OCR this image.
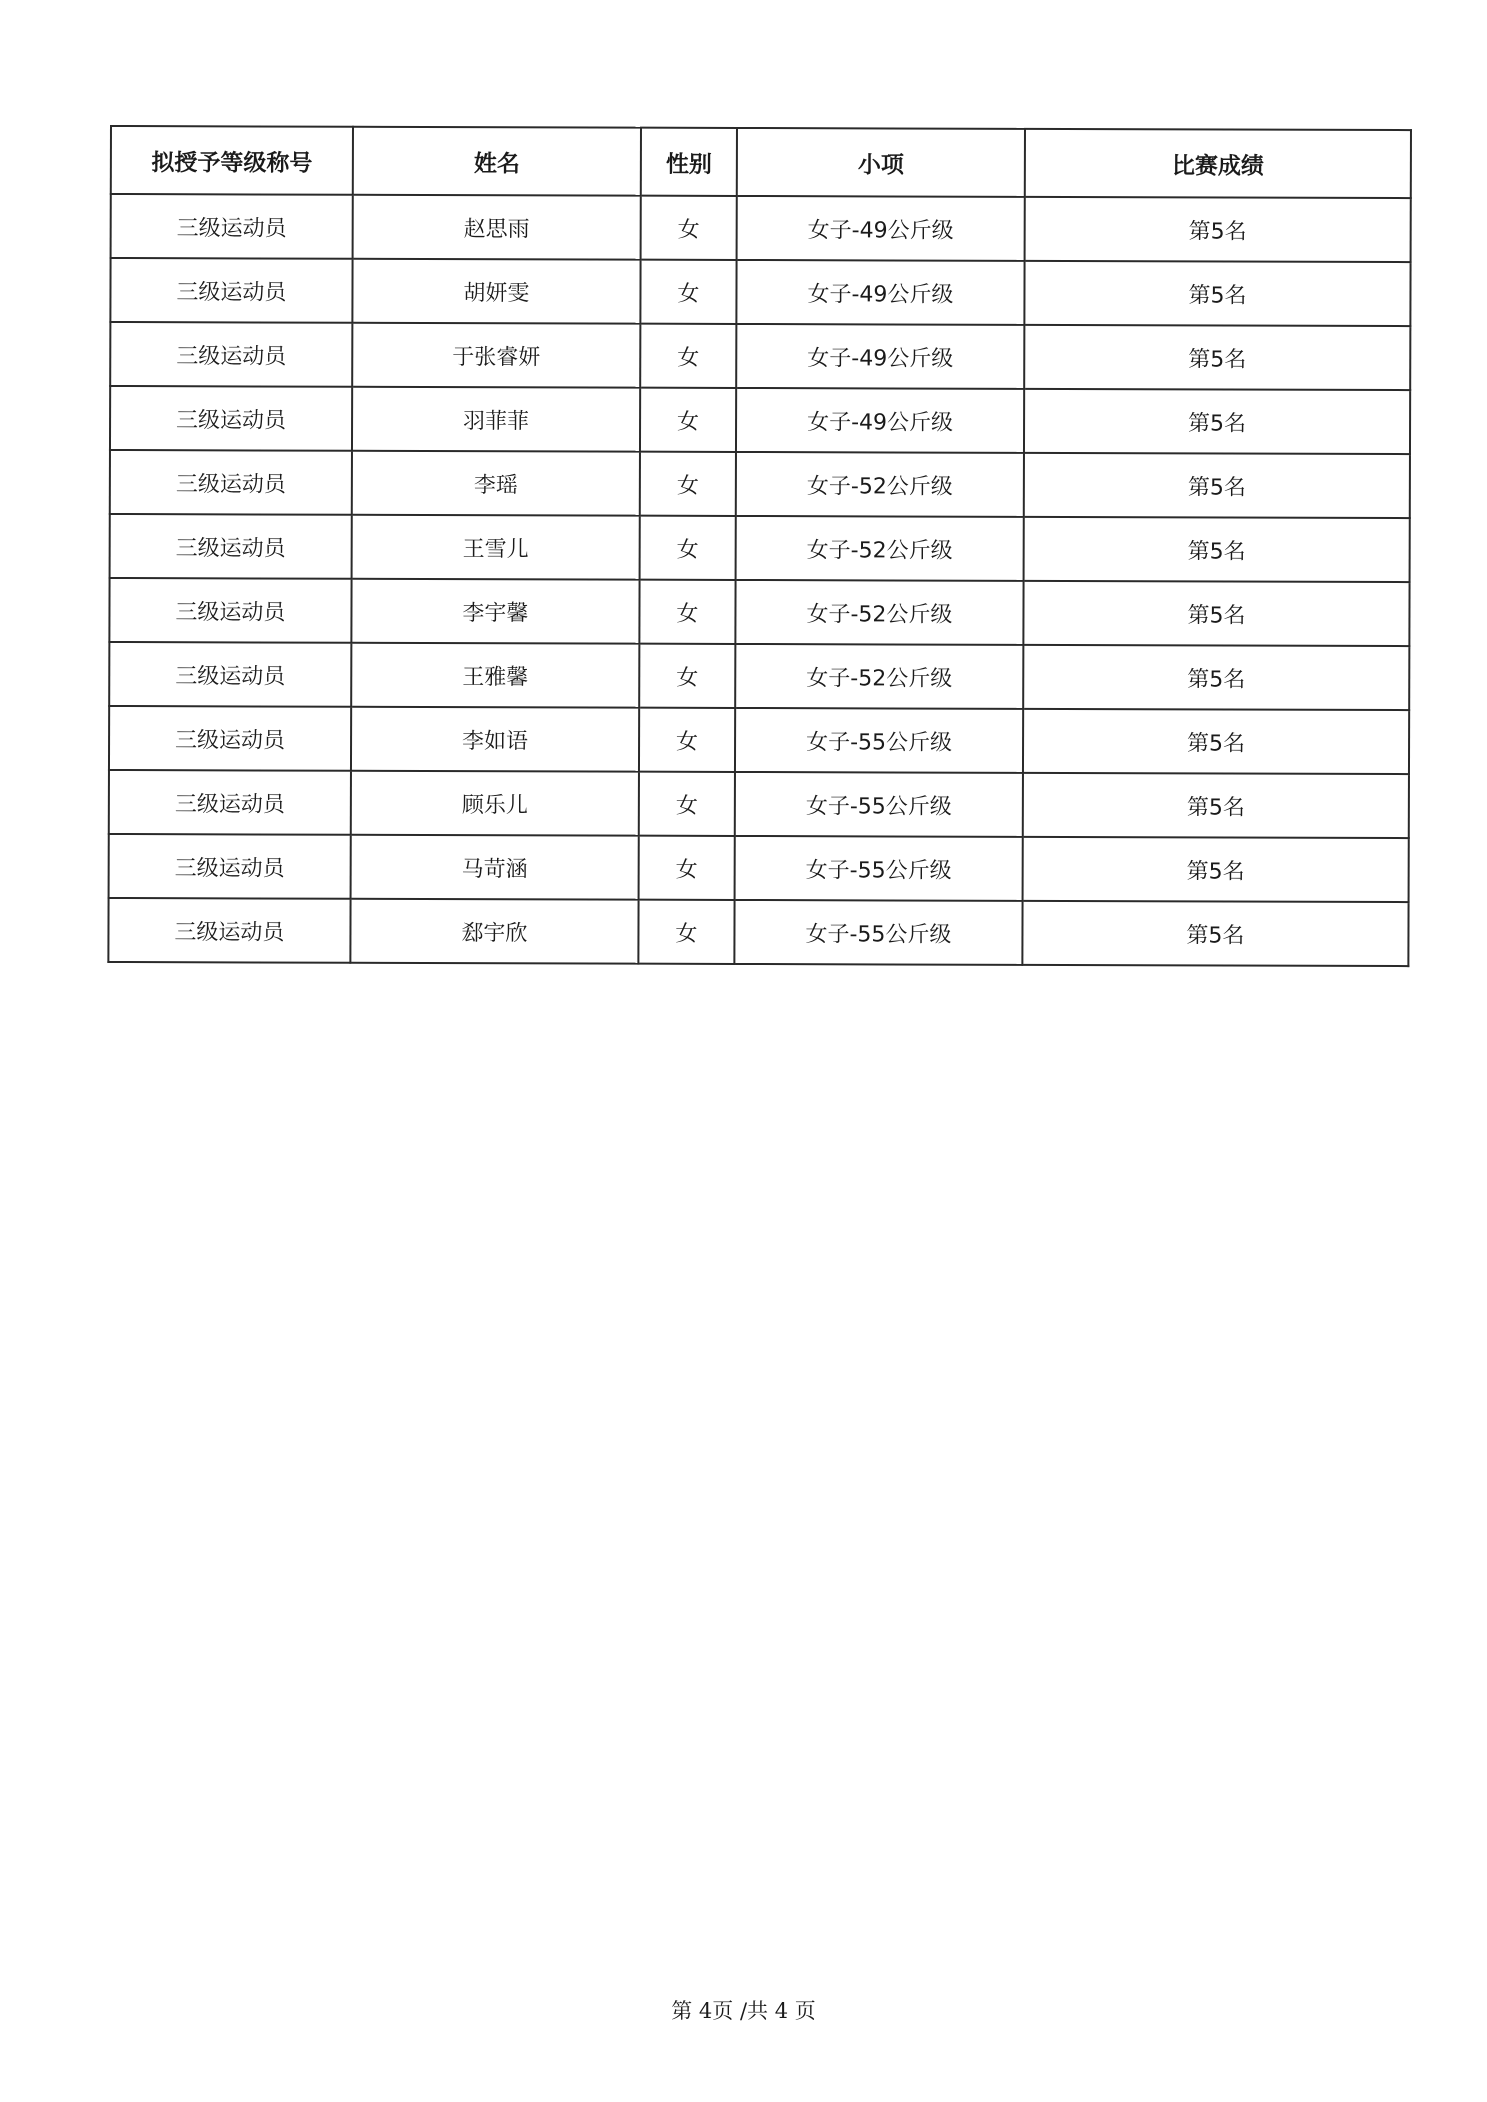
拟授予等级称号	姓名	性别	小项	比赛成绩
三级运动员	赵思雨	女	女子-49公斤级	第5名
三级运动员	胡妍雯	女	女子-49公斤级	第5名
三级运动员	于张睿妍	女	女子-49公斤级	第5名
三级运动员	羽菲菲	女	女子-49公斤级	第5名
三级运动员	李瑶	女	女子-52公斤级	第5名
三级运动员	王雪儿	女	女子-52公斤级	第5名
三级运动员	李宇馨	女	女子-52公斤级	第5名
三级运动员	王雅馨	女	女子-52公斤级	第5名
三级运动员	李如语	女	女子-55公斤级	第5名
三级运动员	顾乐儿	女	女子-55公斤级	第5名
三级运动员	马苛涵	女	女子-55公斤级	第5名
三级运动员	郄宇欣	女	女子-55公斤级	第5名
第 4页 /共 4 页
